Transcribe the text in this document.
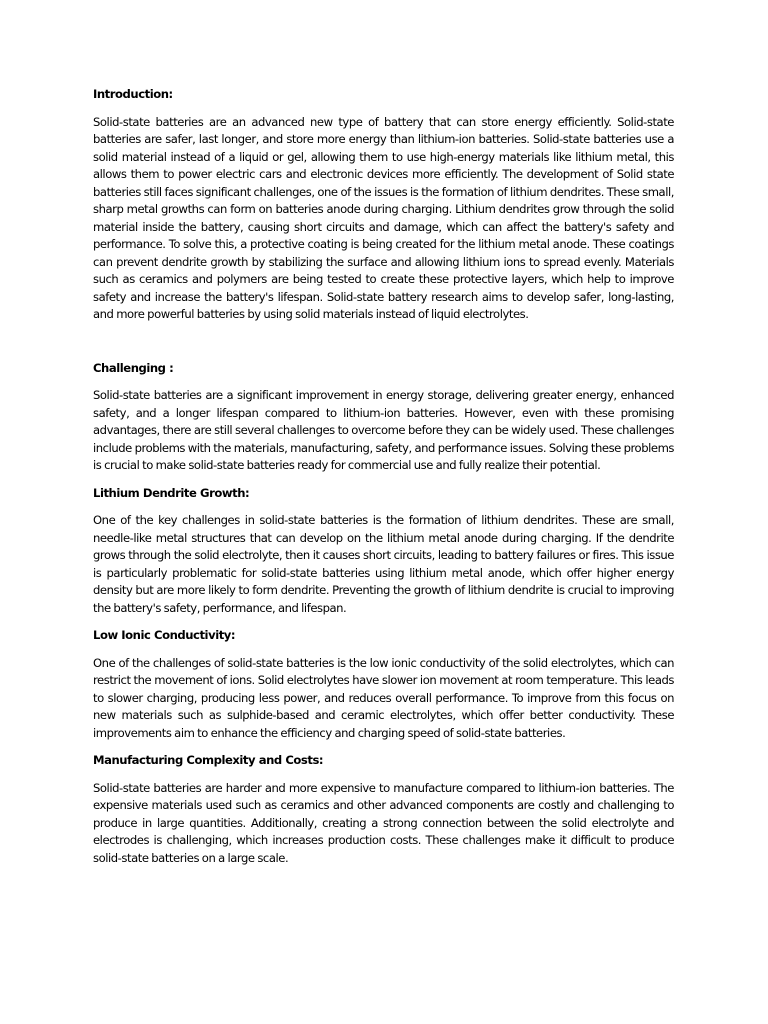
Introduction:

Solid-state batteries are an advanced new type of battery that can store energy efficiently. Solid-state batteries are safer, last longer, and store more energy than lithium-ion batteries. Solid-state batteries use a solid material instead of a liquid or gel, allowing them to use high-energy materials like lithium metal, this allows them to power electric cars and electronic devices more efficiently. The development of Solid state batteries still faces significant challenges, one of the issues is the formation of lithium dendrites. These small, sharp metal growths can form on batteries anode during charging. Lithium dendrites grow through the solid material inside the battery, causing short circuits and damage, which can affect the battery's safety and performance. To solve this, a protective coating is being created for the lithium metal anode. These coatings can prevent dendrite growth by stabilizing the surface and allowing lithium ions to spread evenly. Materials such as ceramics and polymers are being tested to create these protective layers, which help to improve safety and increase the battery's lifespan. Solid-state battery research aims to develop safer, long-lasting, and more powerful batteries by using solid materials instead of liquid electrolytes.

Challenging :

Solid-state batteries are a significant improvement in energy storage, delivering greater energy, enhanced safety, and a longer lifespan compared to lithium-ion batteries. However, even with these promising advantages, there are still several challenges to overcome before they can be widely used. These challenges include problems with the materials, manufacturing, safety, and performance issues. Solving these problems is crucial to make solid-state batteries ready for commercial use and fully realize their potential.

Lithium Dendrite Growth:

One of the key challenges in solid-state batteries is the formation of lithium dendrites. These are small, needle-like metal structures that can develop on the lithium metal anode during charging. If the dendrite grows through the solid electrolyte, then it causes short circuits, leading to battery failures or fires. This issue is particularly problematic for solid-state batteries using lithium metal anode, which offer higher energy density but are more likely to form dendrite. Preventing the growth of lithium dendrite is crucial to improving the battery's safety, performance, and lifespan.

Low Ionic Conductivity:

One of the challenges of solid-state batteries is the low ionic conductivity of the solid electrolytes, which can restrict the movement of ions. Solid electrolytes have slower ion movement at room temperature. This leads to slower charging, producing less power, and reduces overall performance. To improve from this focus on new materials such as sulphide-based and ceramic electrolytes, which offer better conductivity. These improvements aim to enhance the efficiency and charging speed of solid-state batteries.

Manufacturing Complexity and Costs:

Solid-state batteries are harder and more expensive to manufacture compared to lithium-ion batteries. The expensive materials used such as ceramics and other advanced components are costly and challenging to produce in large quantities. Additionally, creating a strong connection between the solid electrolyte and electrodes is challenging, which increases production costs. These challenges make it difficult to produce solid-state batteries on a large scale.
